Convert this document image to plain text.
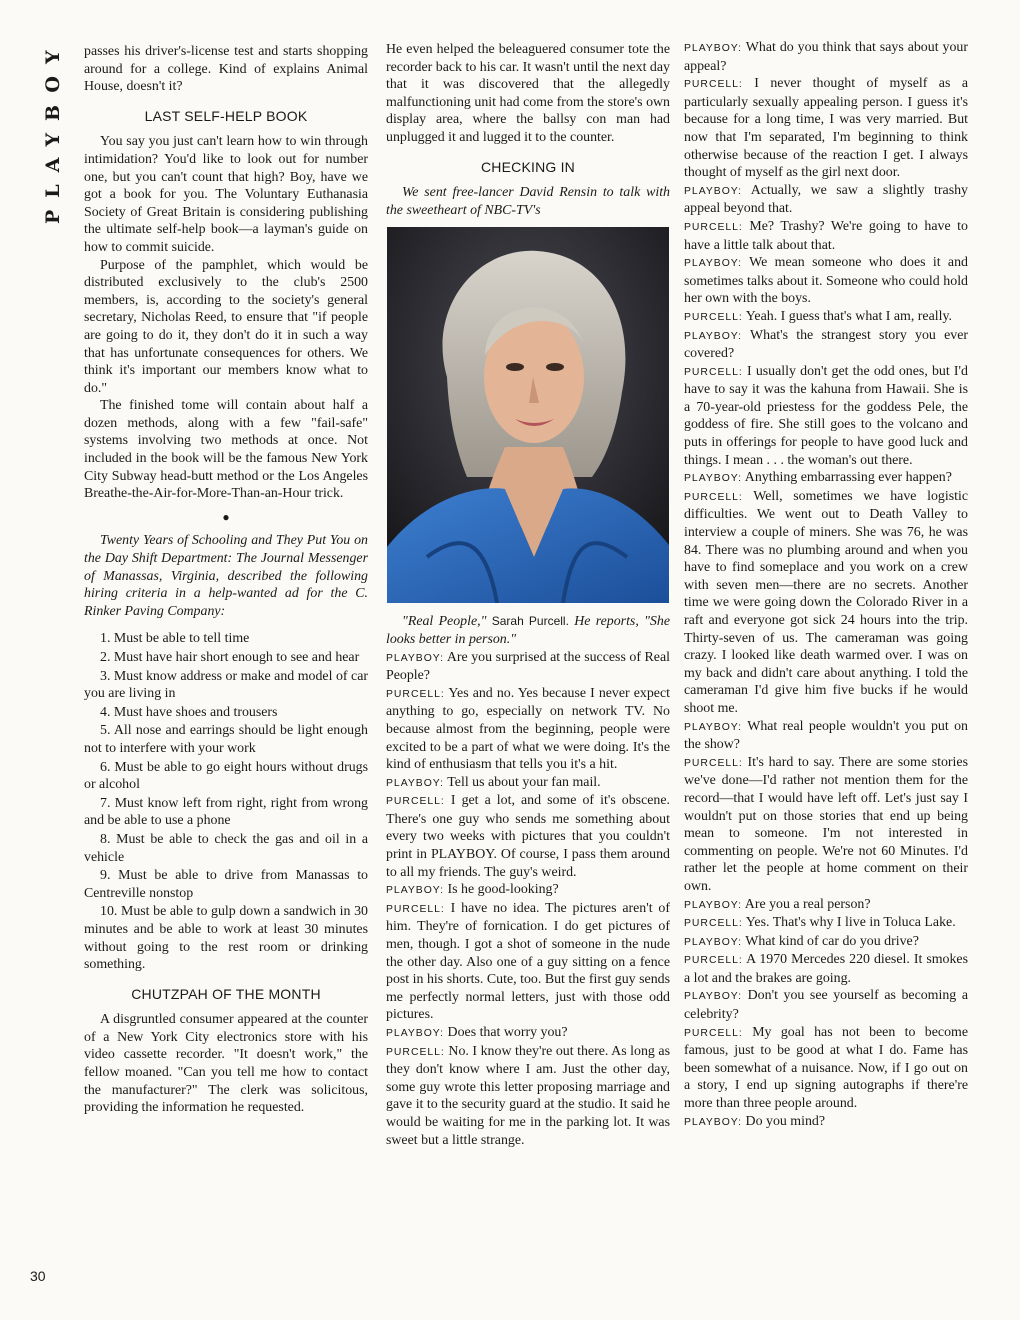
PLAYBOY
30

passes his driver's-license test and starts shopping around for a college. Kind of explains Animal House, doesn't it?

LAST SELF-HELP BOOK

You say you just can't learn how to win through intimidation? You'd like to look out for number one, but you can't count that high? Boy, have we got a book for you. The Voluntary Euthanasia Society of Great Britain is considering publishing the ultimate self-help book—a layman's guide on how to commit suicide.

Purpose of the pamphlet, which would be distributed exclusively to the club's 2500 members, is, according to the society's general secretary, Nicholas Reed, to ensure that "if people are going to do it, they don't do it in such a way that has unfortunate consequences for others. We think it's important our members know what to do."

The finished tome will contain about half a dozen methods, along with a few "fail-safe" systems involving two methods at once. Not included in the book will be the famous New York City Subway head-butt method or the Los Angeles Breathe-the-Air-for-More-Than-an-Hour trick.

●

Twenty Years of Schooling and They Put You on the Day Shift Department: The Journal Messenger of Manassas, Virginia, described the following hiring criteria in a help-wanted ad for the C. Rinker Paving Company:

1. Must be able to tell time

2. Must have hair short enough to see and hear

3. Must know address or make and model of car you are living in

4. Must have shoes and trousers

5. All nose and earrings should be light enough not to interfere with your work

6. Must be able to go eight hours without drugs or alcohol

7. Must know left from right, right from wrong and be able to use a phone

8. Must be able to check the gas and oil in a vehicle

9. Must be able to drive from Manassas to Centreville nonstop

10. Must be able to gulp down a sandwich in 30 minutes and be able to work at least 30 minutes without going to the rest room or drinking something.

CHUTZPAH OF THE MONTH

A disgruntled consumer appeared at the counter of a New York City electronics store with his video cassette recorder. "It doesn't work," the fellow moaned. "Can you tell me how to contact the manufacturer?" The clerk was solicitous, providing the information he requested.

He even helped the beleaguered consumer tote the recorder back to his car. It wasn't until the next day that it was discovered that the allegedly malfunctioning unit had come from the store's own display area, where the ballsy con man had unplugged it and lugged it to the counter.

CHECKING IN

We sent free-lancer David Rensin to talk with the sweetheart of NBC-TV's

"Real People," Sarah Purcell. He reports, "She looks better in person."

PLAYBOY: Are you surprised at the success of Real People?

PURCELL: Yes and no. Yes because I never expect anything to go, especially on network TV. No because almost from the beginning, people were excited to be a part of what we were doing. It's the kind of enthusiasm that tells you it's a hit.

PLAYBOY: Tell us about your fan mail.

PURCELL: I get a lot, and some of it's obscene. There's one guy who sends me something about every two weeks with pictures that you couldn't print in PLAYBOY. Of course, I pass them around to all my friends. The guy's weird.

PLAYBOY: Is he good-looking?

PURCELL: I have no idea. The pictures aren't of him. They're of fornication. I do get pictures of men, though. I got a shot of someone in the nude the other day. Also one of a guy sitting on a fence post in his shorts. Cute, too. But the first guy sends me perfectly normal letters, just with those odd pictures.

PLAYBOY: Does that worry you?

PURCELL: No. I know they're out there. As long as they don't know where I am. Just the other day, some guy wrote this letter proposing marriage and gave it to the security guard at the studio. It said he would be waiting for me in the parking lot. It was sweet but a little strange.

PLAYBOY: What do you think that says about your appeal?

PURCELL: I never thought of myself as a particularly sexually appealing person. I guess it's because for a long time, I was very married. But now that I'm separated, I'm beginning to think otherwise because of the reaction I get. I always thought of myself as the girl next door.

PLAYBOY: Actually, we saw a slightly trashy appeal beyond that.

PURCELL: Me? Trashy? We're going to have to have a little talk about that.

PLAYBOY: We mean someone who does it and sometimes talks about it. Someone who could hold her own with the boys.

PURCELL: Yeah. I guess that's what I am, really.

PLAYBOY: What's the strangest story you ever covered?

PURCELL: I usually don't get the odd ones, but I'd have to say it was the kahuna from Hawaii. She is a 70-year-old priestess for the goddess Pele, the goddess of fire. She still goes to the volcano and puts in offerings for people to have good luck and things. I mean . . . the woman's out there.

PLAYBOY: Anything embarrassing ever happen?

PURCELL: Well, sometimes we have logistic difficulties. We went out to Death Valley to interview a couple of miners. She was 76, he was 84. There was no plumbing around and when you have to find someplace and you work on a crew with seven men—there are no secrets. Another time we were going down the Colorado River in a raft and everyone got sick 24 hours into the trip. Thirty-seven of us. The cameraman was going crazy. I looked like death warmed over. I was on my back and didn't care about anything. I told the cameraman I'd give him five bucks if he would shoot me.

PLAYBOY: What real people wouldn't you put on the show?

PURCELL: It's hard to say. There are some stories we've done—I'd rather not mention them for the record—that I would have left off. Let's just say I wouldn't put on those stories that end up being mean to someone. I'm not interested in commenting on people. We're not 60 Minutes. I'd rather let the people at home comment on their own.

PLAYBOY: Are you a real person?

PURCELL: Yes. That's why I live in Toluca Lake.

PLAYBOY: What kind of car do you drive?

PURCELL: A 1970 Mercedes 220 diesel. It smokes a lot and the brakes are going.

PLAYBOY: Don't you see yourself as becoming a celebrity?

PURCELL: My goal has not been to become famous, just to be good at what I do. Fame has been somewhat of a nuisance. Now, if I go out on a story, I end up signing autographs if there're more than three people around.

PLAYBOY: Do you mind?
